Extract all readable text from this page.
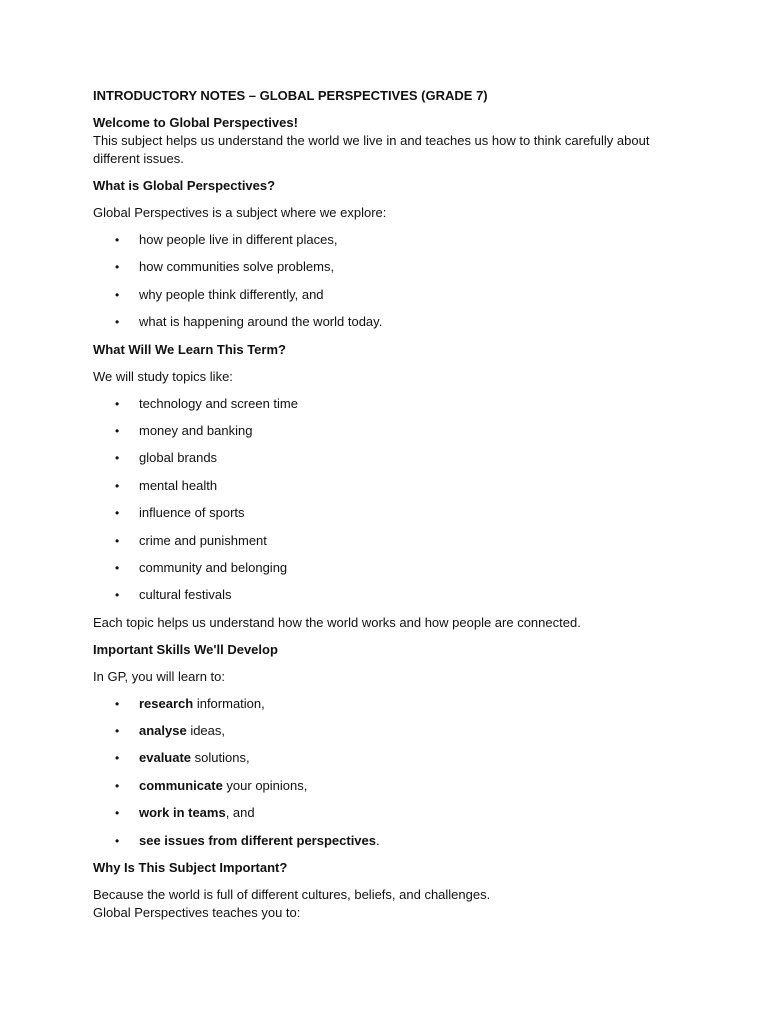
INTRODUCTORY NOTES – GLOBAL PERSPECTIVES (GRADE 7)
Welcome to Global Perspectives!
This subject helps us understand the world we live in and teaches us how to think carefully about different issues.
What is Global Perspectives?
Global Perspectives is a subject where we explore:
• how people live in different places,
• how communities solve problems,
• why people think differently, and
• what is happening around the world today.
What Will We Learn This Term?
We will study topics like:
• technology and screen time
• money and banking
• global brands
• mental health
• influence of sports
• crime and punishment
• community and belonging
• cultural festivals
Each topic helps us understand how the world works and how people are connected.
Important Skills We'll Develop
In GP, you will learn to:
• research information,
• analyse ideas,
• evaluate solutions,
• communicate your opinions,
• work in teams, and
• see issues from different perspectives.
Why Is This Subject Important?
Because the world is full of different cultures, beliefs, and challenges.
Global Perspectives teaches you to:
